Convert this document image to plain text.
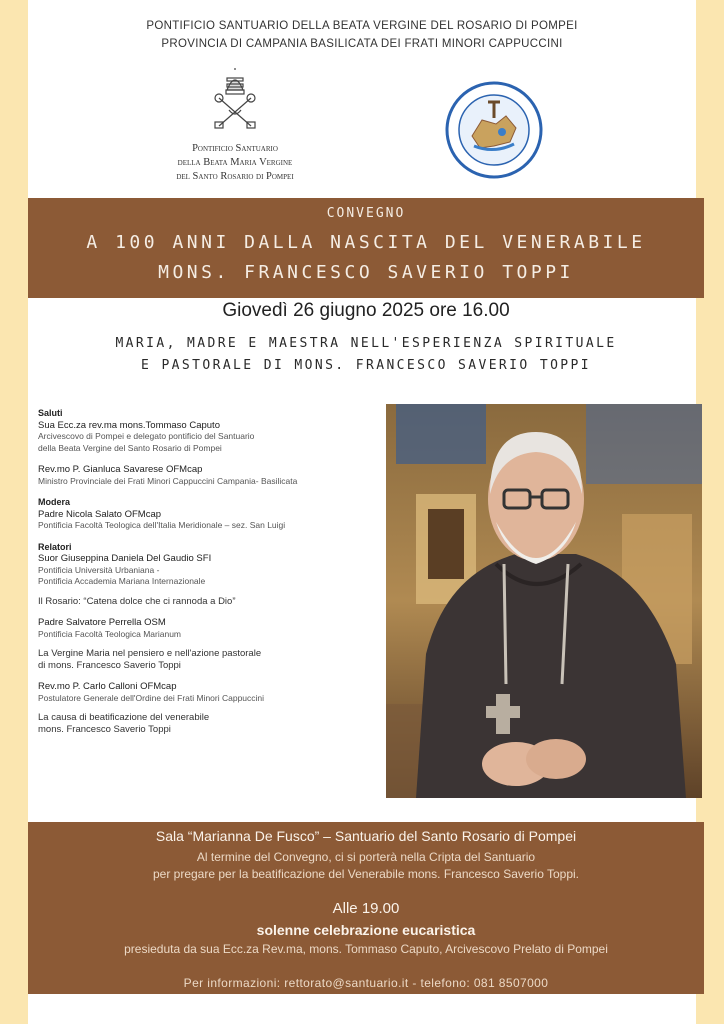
PONTIFICIO SANTUARIO DELLA BEATA VERGINE DEL ROSARIO DI POMPEI
PROVINCIA DI CAMPANIA BASILICATA DEI FRATI MINORI CAPPUCCINI
Pontificio Santuario
della Beata Maria Vergine
del Santo Rosario di Pompei
CONVEGNO
A 100 ANNI DALLA NASCITA DEL VENERABILE
MONS. FRANCESCO SAVERIO TOPPI
Giovedì 26 giugno 2025 ore 16.00
MARIA, MADRE E MAESTRA NELL'ESPERIENZA SPIRITUALE
E PASTORALE DI MONS. FRANCESCO SAVERIO TOPPI
Saluti
Sua Ecc.za rev.ma mons.Tommaso Caputo
Arcivescovo di Pompei e delegato pontificio del Santuario
della Beata Vergine del Santo Rosario di Pompei
Rev.mo P. Gianluca Savarese OFMcap
Ministro Provinciale dei Frati Minori Cappuccini Campania- Basilicata
Modera
Padre Nicola Salato OFMcap
Pontificia Facoltà Teologica dell'Italia Meridionale – sez. San Luigi
Relatori
Suor Giuseppina Daniela Del Gaudio SFI
Pontificia Università Urbaniana -
Pontificia Accademia Mariana Internazionale
Il Rosario: “Catena dolce che ci rannoda a Dio”
Padre Salvatore Perrella OSM
Pontificia Facoltà Teologica Marianum
La Vergine Maria nel pensiero e nell'azione pastorale
di mons. Francesco Saverio Toppi
Rev.mo P. Carlo Calloni OFMcap
Postulatore Generale dell'Ordine dei Frati Minori Cappuccini
La causa di beatificazione del venerabile
mons. Francesco Saverio Toppi
Sala “Marianna De Fusco” – Santuario del Santo Rosario di Pompei
Al termine del Convegno, ci si porterà nella Cripta del Santuario
per pregare per la beatificazione del Venerabile mons. Francesco Saverio Toppi.
Alle 19.00
solenne celebrazione eucaristica
presieduta da sua Ecc.za Rev.ma, mons. Tommaso Caputo, Arcivescovo Prelato di Pompei
Per informazioni: rettorato@santuario.it - telefono: 081 8507000
